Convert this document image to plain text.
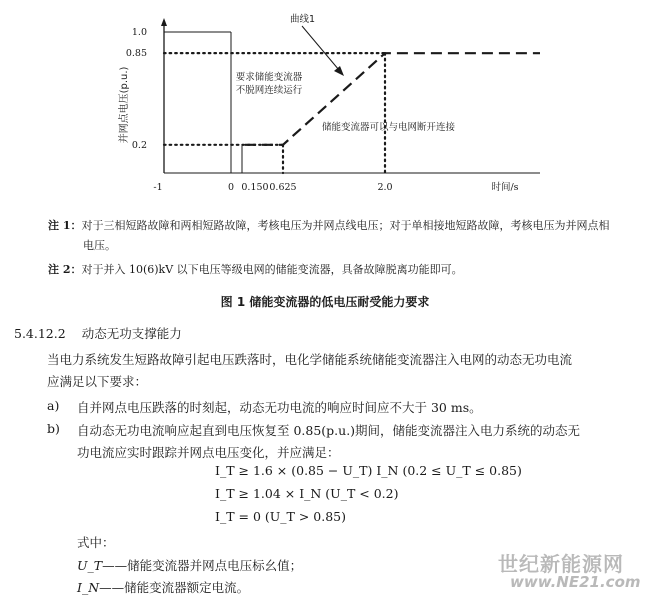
-1	0 0.150 0.625	2.0
1.0
0.85
0.2
时间/s
并网点电压(p.u.)
曲线1
要求储能变流器
不脱网连续运行
储能变流器可以与电网断开连接
注 1：对于三相短路故障和两相短路故障，考核电压为并网点线电压；对于单相接地短路故障，考核电压为并网点相
电压。
注 2：对于并入 10(6)kV 以下电压等级电网的储能变流器，具备故障脱离功能即可。
图 1 储能变流器的低电压耐受能力要求
5.4.12.2 动态无功支撑能力
当电力系统发生短路故障引起电压跌落时，电化学储能系统储能变流器注入电网的动态无功电流
应满足以下要求：
a) 自并网点电压跌落的时刻起，动态无功电流的响应时间应不大于 30 ms。
b) 自动态无功电流响应起直到电压恢复至 0.85(p.u.)期间，储能变流器注入电力系统的动态无
功电流应实时跟踪并网点电压变化，并应满足：
I_T ≥ 1.6 × (0.85 − U_T) I_N (0.2 ≤ U_T ≤ 0.85)
I_T ≥ 1.04 × I_N (U_T < 0.2)
I_T = 0 (U_T > 0.85)
式中：
U_T——储能变流器并网点电压标幺值；
I_N——储能变流器额定电流。
世纪新能源网
www.NE21.com
